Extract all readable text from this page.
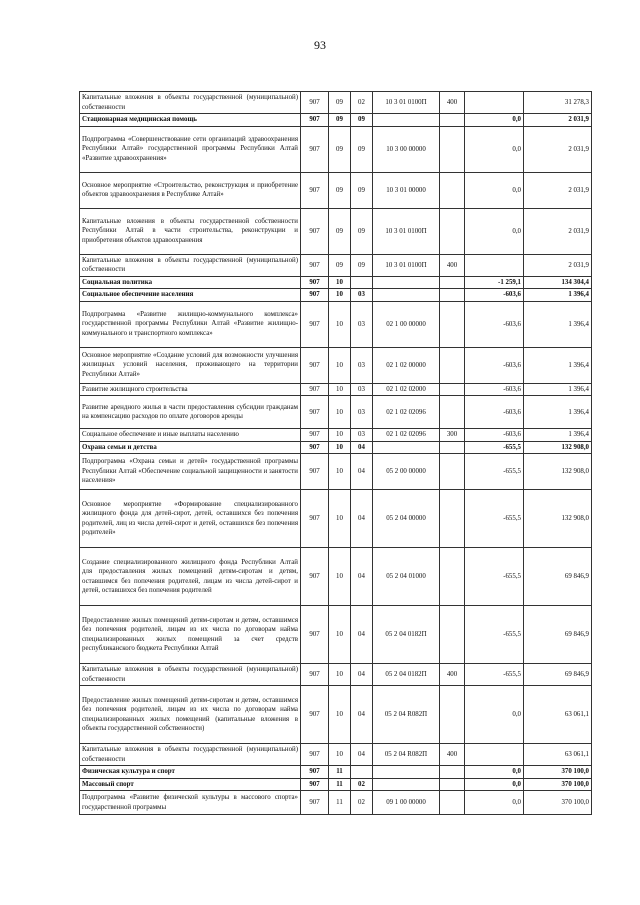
93
Капитальные вложения в объекты государственной (муниципальной) собственности	907	09	02	10 3 01 0100П	400		31 278,3
Стационарная медицинская помощь	907	09	09			0,0	2 031,9
Подпрограмма «Совершенствование сети организаций здравоохранения Республики Алтай» государственной программы Республики Алтай «Развитие здравоохранения»	907	09	09	10 3 00 00000		0,0	2 031,9
Основное мероприятие «Строительство, реконструкция и приобретение объектов здравоохранения в Республике Алтай»	907	09	09	10 3 01 00000		0,0	2 031,9
Капитальные вложения в объекты государственной собственности Республики Алтай в части строительства, реконструкции и приобретения объектов здравоохранения	907	09	09	10 3 01 0100П		0,0	2 031,9
Капитальные вложения в объекты государственной (муниципальной) собственности	907	09	09	10 3 01 0100П	400		2 031,9
Социальная политика	907	10				-1 259,1	134 304,4
Социальное обеспечение населения	907	10	03			-603,6	1 396,4
Подпрограмма «Развитие жилищно-коммунального комплекса» государственной программы Республики Алтай «Развитие жилищно-коммунального и транспортного комплекса»	907	10	03	02 1 00 00000		-603,6	1 396,4
Основное мероприятие «Создание условий для возможности улучшения жилищных условий населения, проживающего на территории Республики Алтай»	907	10	03	02 1 02 00000		-603,6	1 396,4
Развитие жилищного строительства	907	10	03	02 1 02 02000		-603,6	1 396,4
Развитие арендного жилья в части предоставления субсидии гражданам на компенсацию расходов по оплате договоров аренды	907	10	03	02 1 02 02096		-603,6	1 396,4
Социальное обеспечение и иные выплаты населению	907	10	03	02 1 02 02096	300	-603,6	1 396,4
Охрана семьи и детства	907	10	04			-655,5	132 908,0
Подпрограмма «Охрана семьи и детей» государственной программы Республики Алтай «Обеспечение социальной защищенности и занятости населения»	907	10	04	05 2 00 00000		-655,5	132 908,0
Основное мероприятие «Формирование специализированного жилищного фонда для детей-сирот, детей, оставшихся без попечения родителей, лиц из числа детей-сирот и детей, оставшихся без попечения родителей»	907	10	04	05 2 04 00000		-655,5	132 908,0
Создание специализированного жилищного фонда Республики Алтай для предоставления жилых помещений детям-сиротам и детям, оставшимся без попечения родителей, лицам из числа детей-сирот и детей, оставшихся без попечения родителей	907	10	04	05 2 04 01000		-655,5	69 846,9
Предоставление жилых помещений детям-сиротам и детям, оставшимся без попечения родителей, лицам из их числа по договорам найма специализированных жилых помещений за счет средств республиканского бюджета Республики Алтай	907	10	04	05 2 04 0182П		-655,5	69 846,9
Капитальные вложения в объекты государственной (муниципальной) собственности	907	10	04	05 2 04 0182П	400	-655,5	69 846,9
Предоставление жилых помещений детям-сиротам и детям, оставшимся без попечения родителей, лицам из их числа по договорам найма специализированных жилых помещений (капитальные вложения в объекты государственной собственности)	907	10	04	05 2 04 R082П		0,0	63 061,1
Капитальные вложения в объекты государственной (муниципальной) собственности	907	10	04	05 2 04 R082П	400		63 061,1
Физическая культура и спорт	907	11				0,0	370 100,0
Массовый спорт	907	11	02			0,0	370 100,0
Подпрограмма «Развитие физической культуры в массового спорта» государственной программы	907	11	02	09 1 00 00000		0,0	370 100,0
